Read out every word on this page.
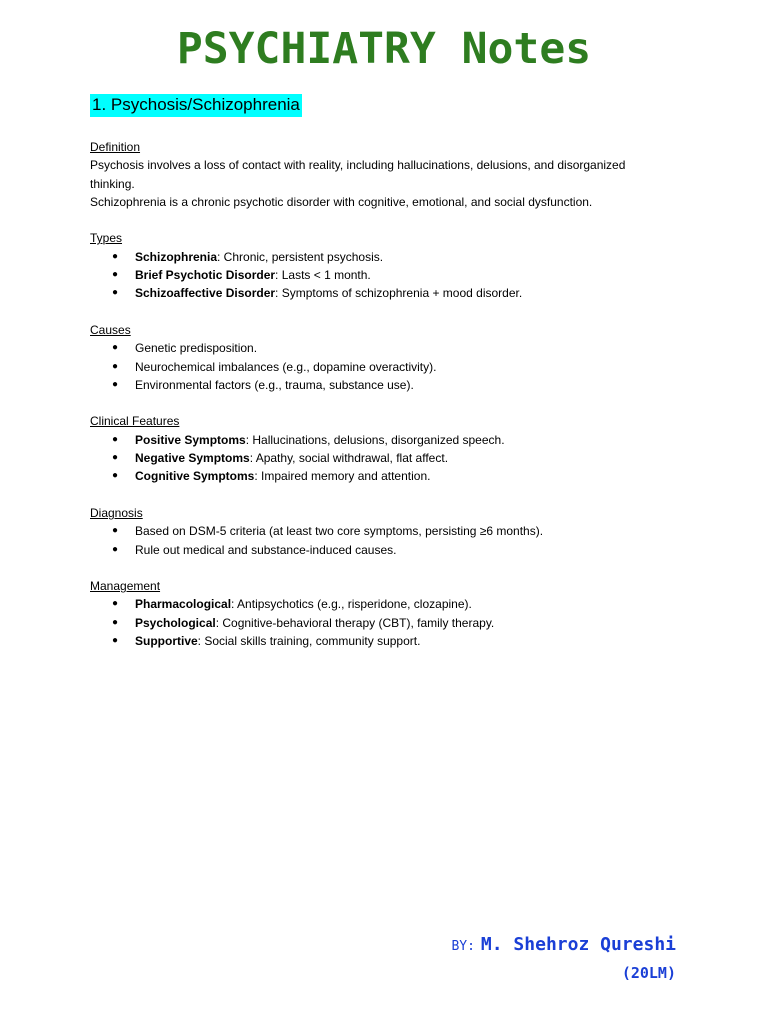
PSYCHIATRY Notes
1. Psychosis/Schizophrenia

Definition

Psychosis involves a loss of contact with reality, including hallucinations, delusions, and disorganized

thinking.

Schizophrenia is a chronic psychotic disorder with cognitive, emotional, and social dysfunction.

Types

● Schizophrenia: Chronic, persistent psychosis.
● Brief Psychotic Disorder: Lasts < 1 month.
● Schizoaffective Disorder: Symptoms of schizophrenia + mood disorder.

Causes

● Genetic predisposition.
● Neurochemical imbalances (e.g., dopamine overactivity).
● Environmental factors (e.g., trauma, substance use).

Clinical Features

● Positive Symptoms: Hallucinations, delusions, disorganized speech.
● Negative Symptoms: Apathy, social withdrawal, flat affect.
● Cognitive Symptoms: Impaired memory and attention.

Diagnosis

● Based on DSM-5 criteria (at least two core symptoms, persisting ≥6 months).
● Rule out medical and substance-induced causes.

Management

● Pharmacological: Antipsychotics (e.g., risperidone, clozapine).
● Psychological: Cognitive-behavioral therapy (CBT), family therapy.
● Supportive: Social skills training, community support.
BY: M. Shehroz Qureshi
(20LM)
